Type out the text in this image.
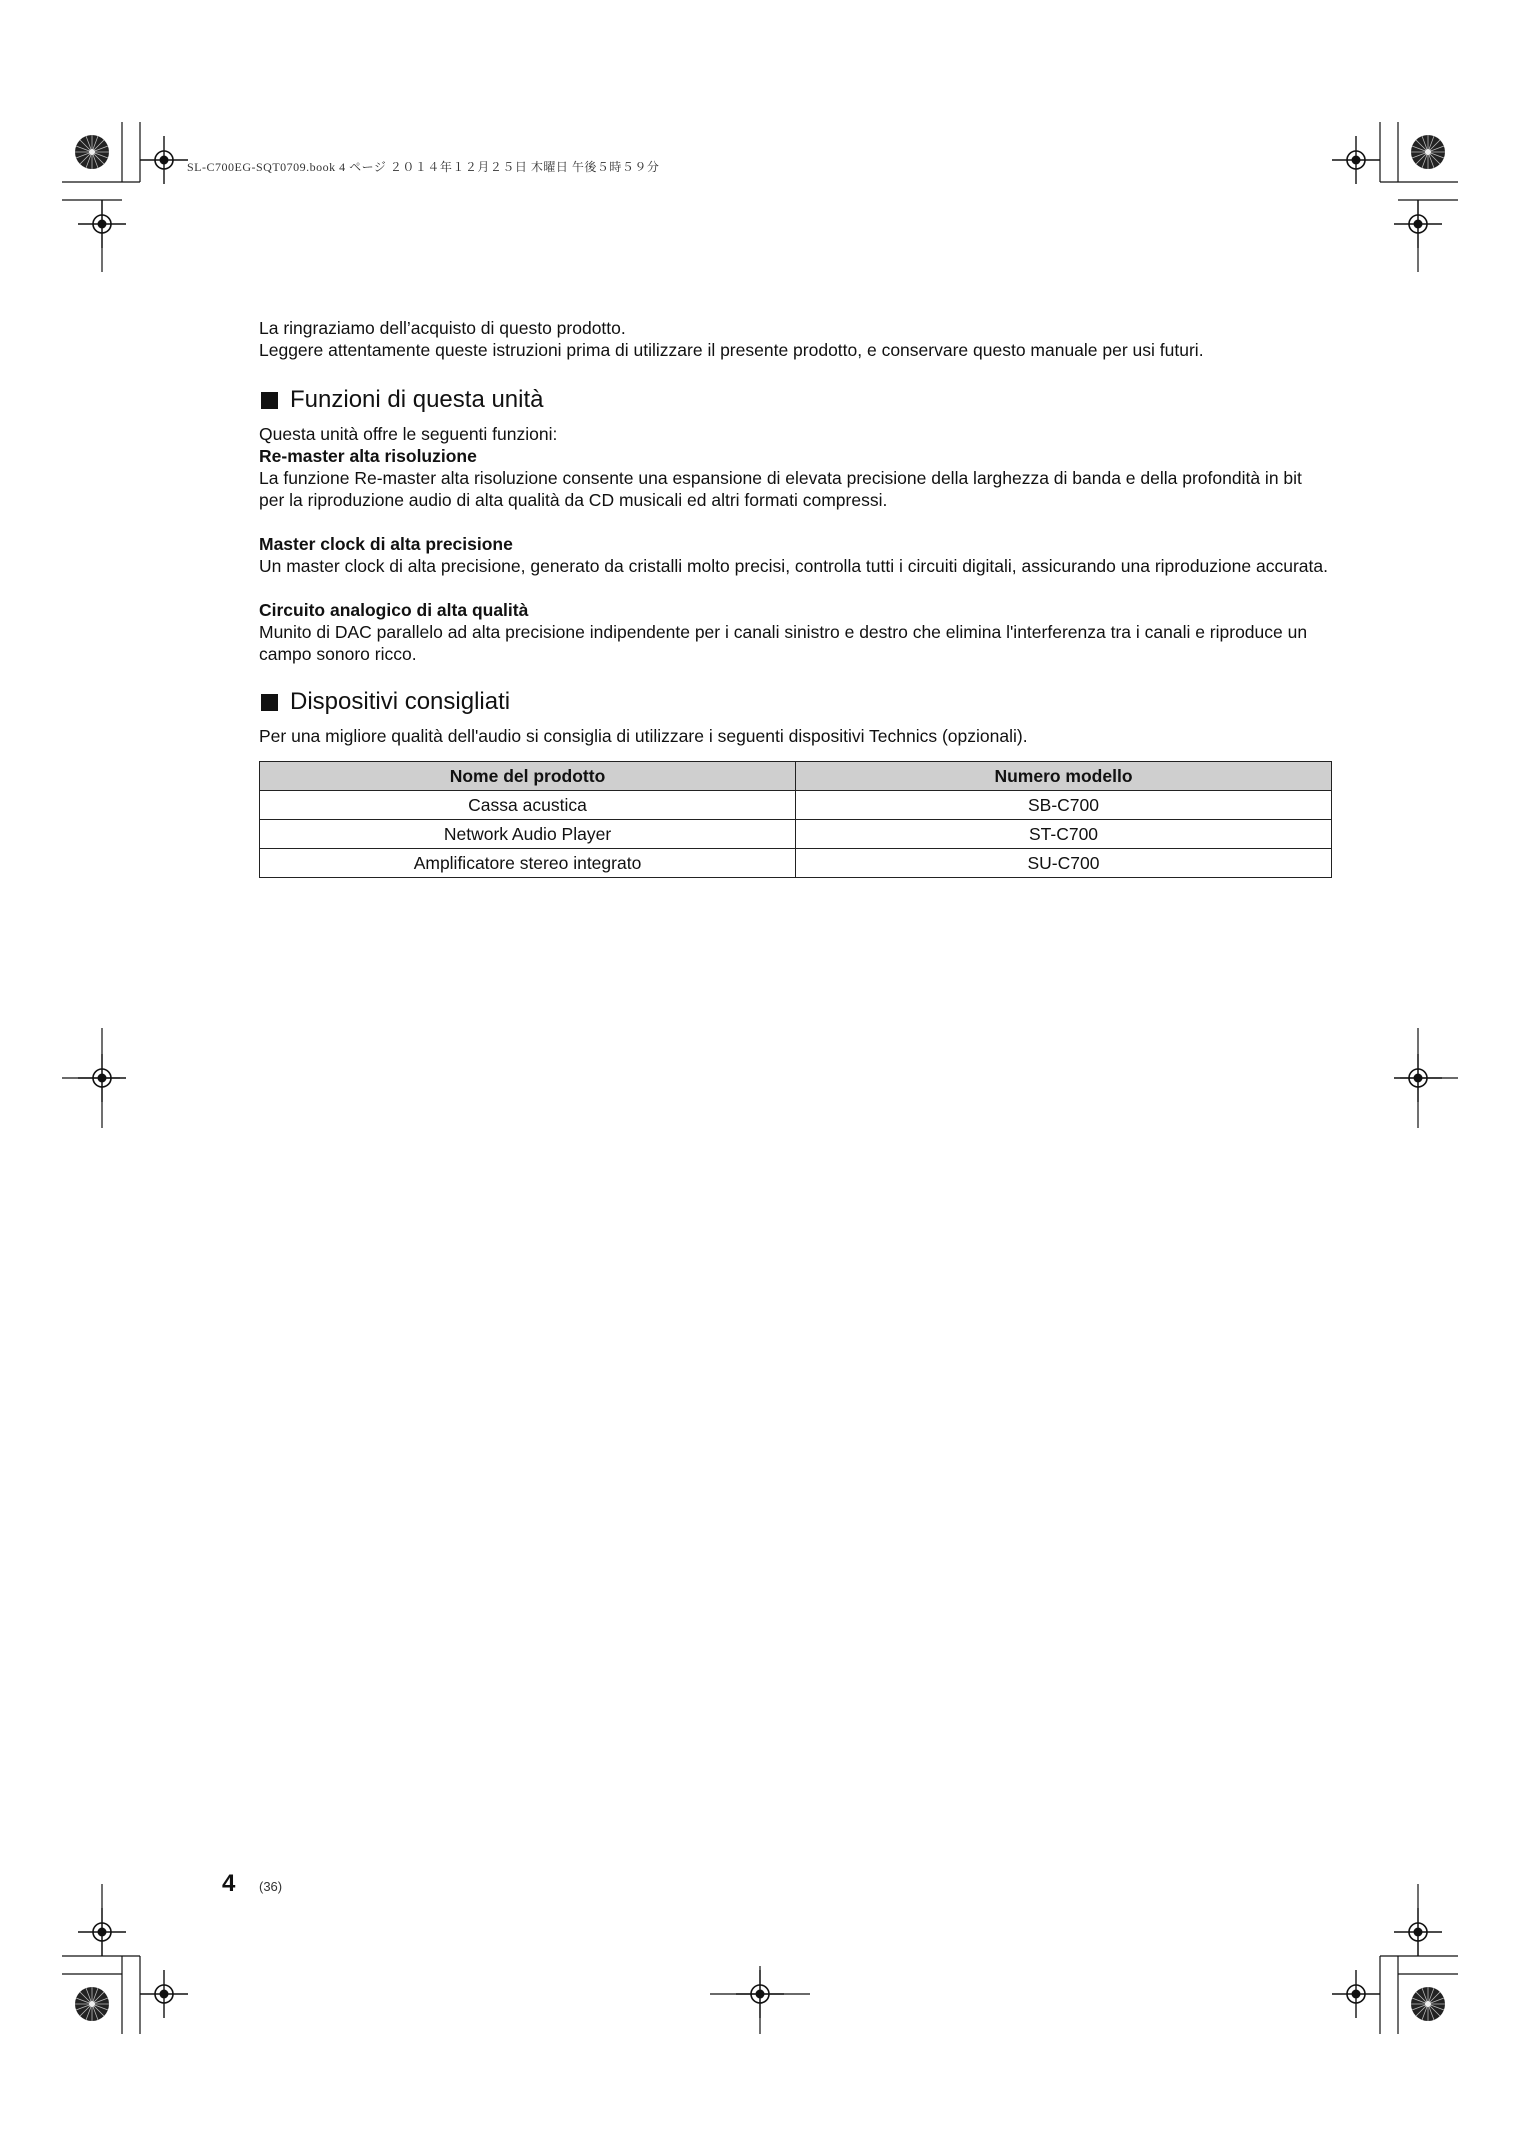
SL-C700EG-SQT0709.book 4 ページ ２０１４年１２月２５日 木曜日 午後５時５９分

La ringraziamo dell’acquisto di questo prodotto.

Leggere attentamente queste istruzioni prima di utilizzare il presente prodotto, e conservare questo manuale per usi futuri.

Funzioni di questa unità

Questa unità offre le seguenti funzioni:

Re-master alta risoluzione

La funzione Re-master alta risoluzione consente una espansione di elevata precisione della larghezza di banda e della profondità in bit per la riproduzione audio di alta qualità da CD musicali ed altri formati compressi.

Master clock di alta precisione

Un master clock di alta precisione, generato da cristalli molto precisi, controlla tutti i circuiti digitali, assicurando una riproduzione accurata.

Circuito analogico di alta qualità

Munito di DAC parallelo ad alta precisione indipendente per i canali sinistro e destro che elimina l'interferenza tra i canali e riproduce un campo sonoro ricco.

Dispositivi consigliati

Per una migliore qualità dell'audio si consiglia di utilizzare i seguenti dispositivi Technics (opzionali).

Nome del prodotto	Numero modello
Cassa acustica	SB-C700
Network Audio Player	ST-C700
Amplificatore stereo integrato	SU-C700
4 (36)
